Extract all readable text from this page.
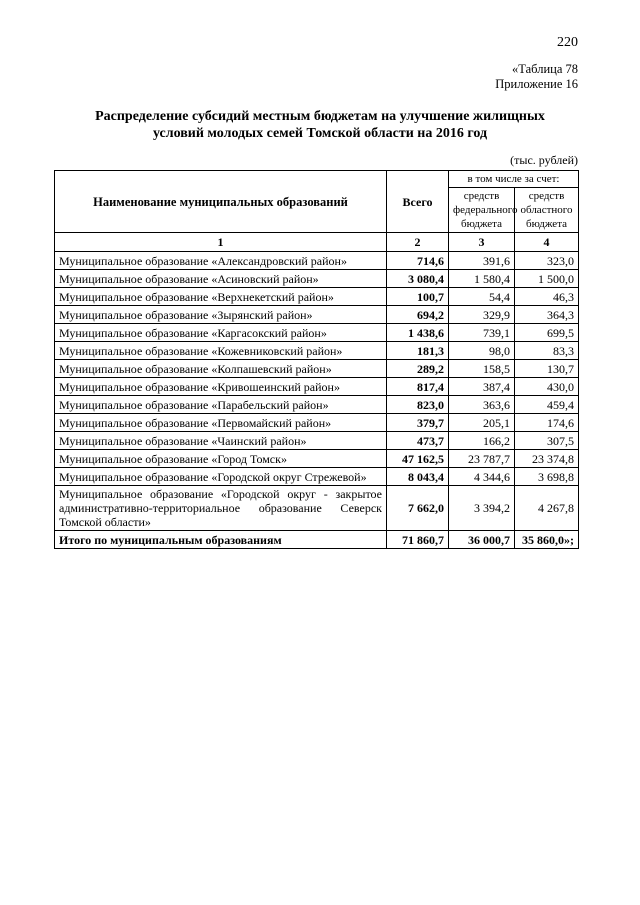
220
«Таблица 78
Приложение 16
Распределение субсидий местным бюджетам на улучшение жилищных
условий молодых семей Томской области на 2016 год
(тыс. рублей)
Наименование муниципальных образований	Всего	в том числе за счет:	
		средств федерального бюджета	средств областного бюджета
1	2	3	4
Муниципальное образование «Александровский район»	714,6	391,6	323,0
Муниципальное образование «Асиновский район»	3 080,4	1 580,4	1 500,0
Муниципальное образование «Верхнекетский район»	100,7	54,4	46,3
Муниципальное образование «Зырянский район»	694,2	329,9	364,3
Муниципальное образование «Каргасокский район»	1 438,6	739,1	699,5
Муниципальное образование «Кожевниковский район»	181,3	98,0	83,3
Муниципальное образование «Колпашевский район»	289,2	158,5	130,7
Муниципальное образование «Кривошеинский район»	817,4	387,4	430,0
Муниципальное образование «Парабельский район»	823,0	363,6	459,4
Муниципальное образование «Первомайский район»	379,7	205,1	174,6
Муниципальное образование «Чаинский район»	473,7	166,2	307,5
Муниципальное образование «Город Томск»	47 162,5	23 787,7	23 374,8
Муниципальное образование «Городской округ Стрежевой»	8 043,4	4 344,6	3 698,8
Муниципальное образование «Городской округ - закрытое административно-территориальное образование Северск Томской области»	7 662,0	3 394,2	4 267,8
Итого по муниципальным образованиям	71 860,7	36 000,7	35 860,0»;
